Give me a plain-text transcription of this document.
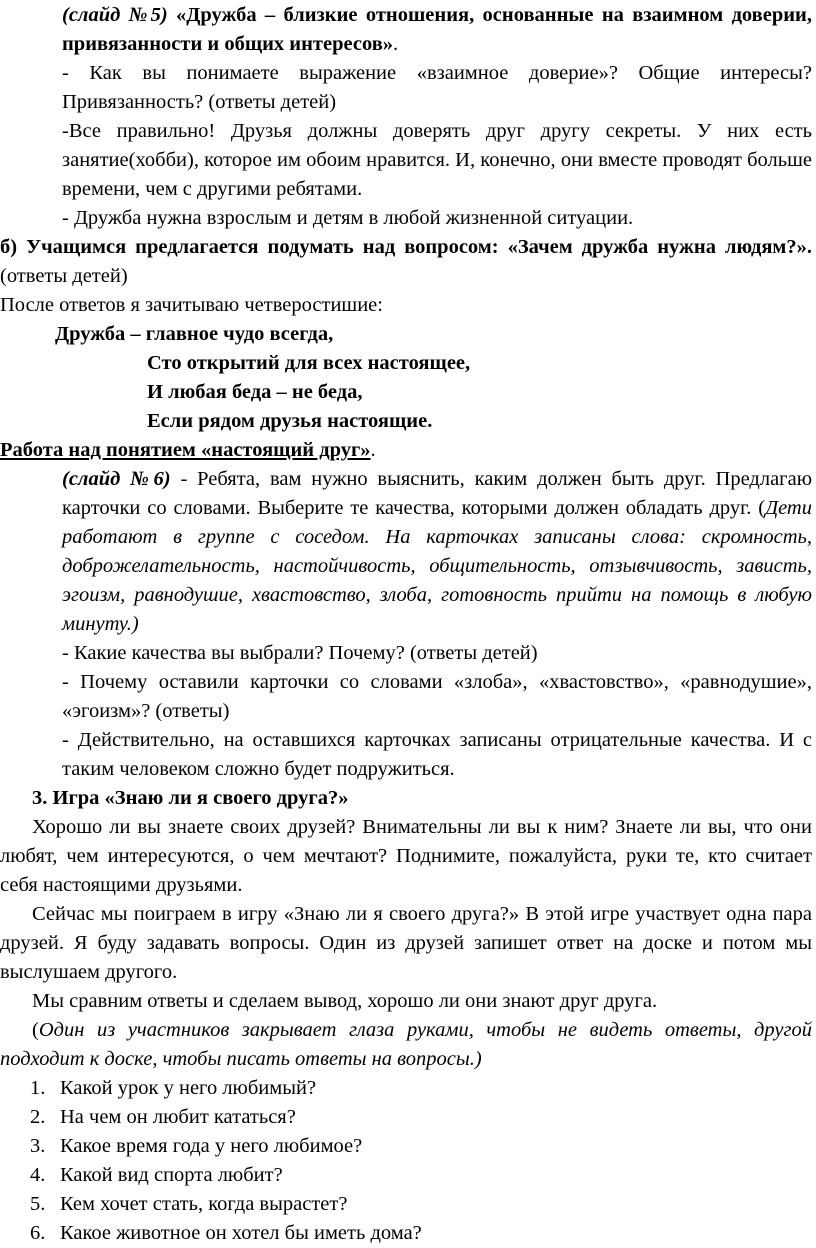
(слайд №5) «Дружба – близкие отношения, основанные на взаимном доверии, привязанности и общих интересов».

- Как вы понимаете выражение «взаимное доверие»? Общие интересы? Привязанность? (ответы детей)

-Все правильно! Друзья должны доверять друг другу секреты. У них есть занятие(хобби), которое им обоим нравится. И, конечно, они вместе проводят больше времени, чем с другими ребятами.

- Дружба нужна взрослым и детям в любой жизненной ситуации.

б) Учащимся предлагается подумать над вопросом: «Зачем дружба нужна людям?». (ответы детей)

После ответов я зачитываю четверостишие:

Дружба – главное чудо всегда,

Сто открытий для всех настоящее,

И любая беда – не беда,

Если рядом друзья настоящие.

Работа над понятием «настоящий друг».

(слайд №6) - Ребята, вам нужно выяснить, каким должен быть друг. Предлагаю карточки со словами. Выберите те качества, которыми должен обладать друг. (Дети работают в группе с соседом. На карточках записаны слова: скромность, доброжелательность, настойчивость, общительность, отзывчивость, зависть, эгоизм, равнодушие, хвастовство, злоба, готовность прийти на помощь в любую минуту.)

- Какие качества вы выбрали? Почему? (ответы детей)

- Почему оставили карточки со словами «злоба», «хвастовство», «равнодушие», «эгоизм»? (ответы)

- Действительно, на оставшихся карточках записаны отрицательные качества. И с таким человеком сложно будет подружиться.

3. Игра «Знаю ли я своего друга?»

Хорошо ли вы знаете своих друзей? Внимательны ли вы к ним? Знаете ли вы, что они любят, чем интересуются, о чем мечтают? Поднимите, пожалуйста, руки те, кто считает себя настоящими друзьями.

Сейчас мы поиграем в игру «Знаю ли я своего друга?» В этой игре участвует одна пара друзей. Я буду задавать вопросы. Один из друзей запишет ответ на доске и потом мы выслушаем другого.

Мы сравним ответы и сделаем вывод, хорошо ли они знают друг друга.

(Один из участников закрывает глаза руками, чтобы не видеть ответы, другой подходит к доске, чтобы писать ответы на вопросы.)

1. Какой урок у него любимый?
2. На чем он любит кататься?
3. Какое время года у него любимое?
4. Какой вид спорта любит?
5. Кем хочет стать, когда вырастет?
6. Какое животное он хотел бы иметь дома?
